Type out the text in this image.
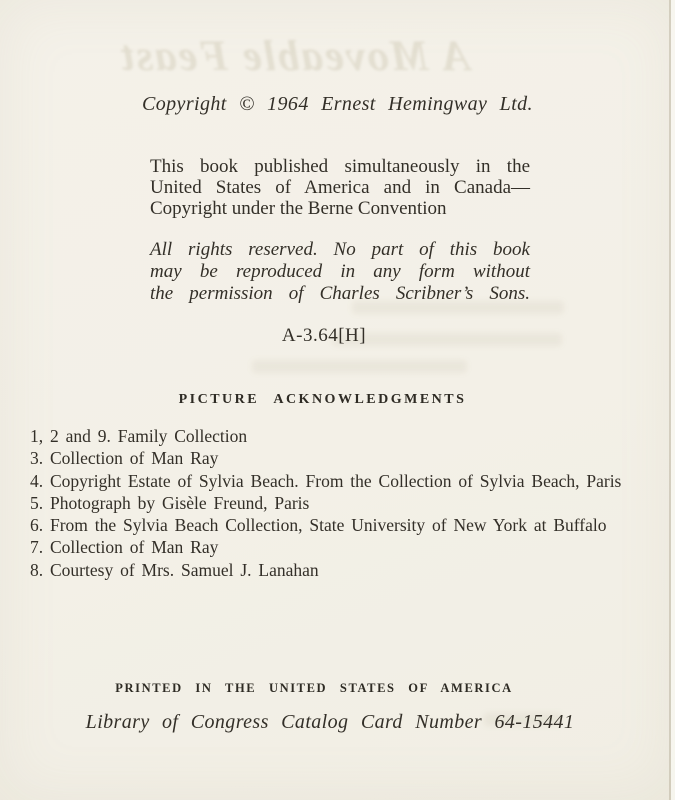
A Moveable Feast
Copyright © 1964 Ernest Hemingway Ltd.
This book published simultaneously in the
United States of America and in Canada—
Copyright under the Berne Convention
All rights reserved. No part of this book
may be reproduced in any form without
the permission of Charles Scribner’s Sons.
A-3.64[H]
PICTURE ACKNOWLEDGMENTS
1, 2 and 9. Family Collection
3. Collection of Man Ray
4. Copyright Estate of Sylvia Beach. From the Collection of Sylvia Beach, Paris
5. Photograph by Gisèle Freund, Paris
6. From the Sylvia Beach Collection, State University of New York at Buffalo
7. Collection of Man Ray
8. Courtesy of Mrs. Samuel J. Lanahan
PRINTED IN THE UNITED STATES OF AMERICA
Library of Congress Catalog Card Number 64-15441
